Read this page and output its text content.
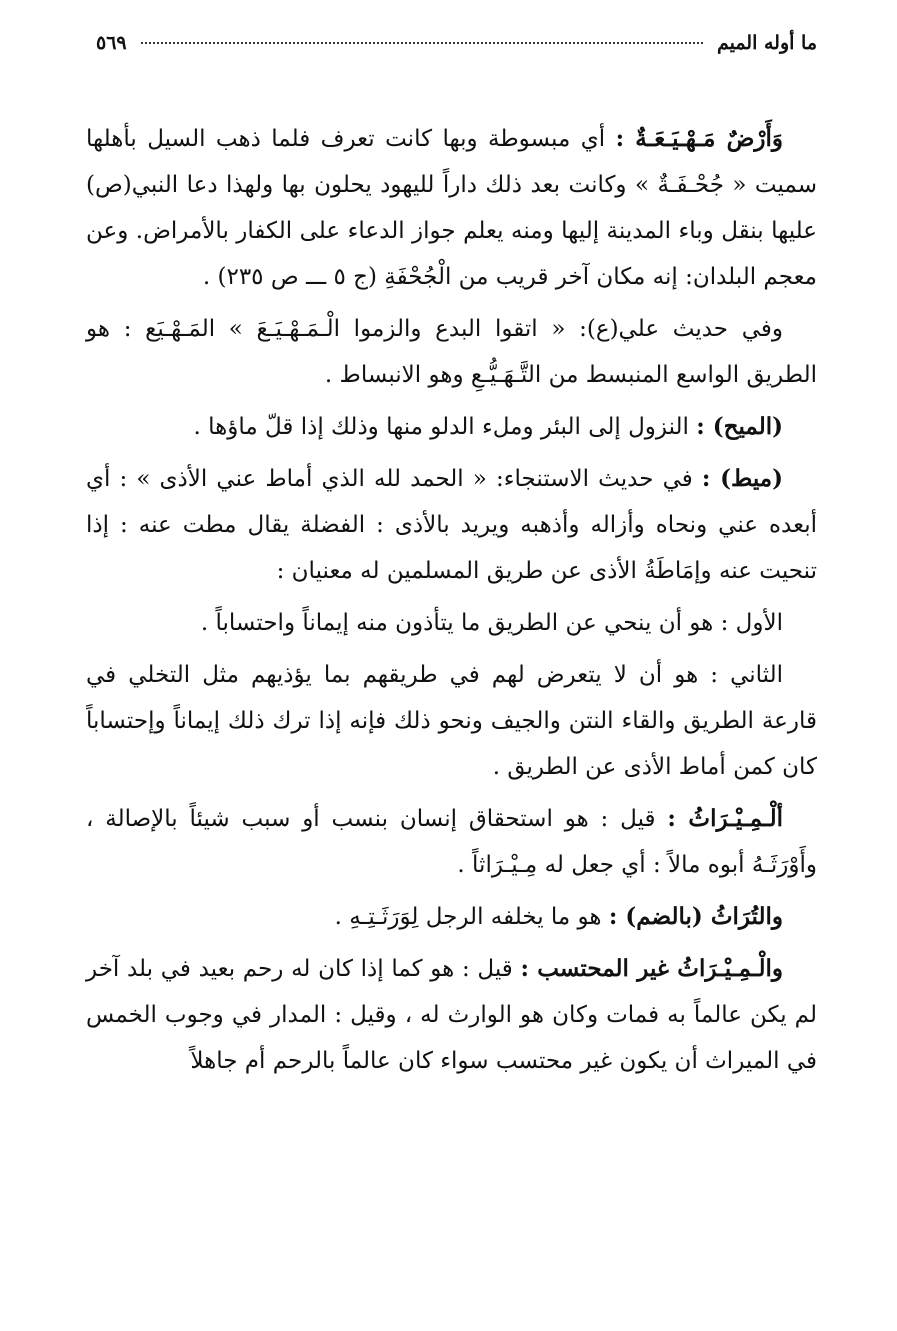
ما أوله الميم
٥٦٩

وَأَرْضٌ مَـهْـيَـعَـةٌ : أي مبسوطة وبها كانت تعرف فلما ذهب السيل بأهلها سميت « جُحْـفَـةٌ » وكانت بعد ذلك داراً لليهود يحلون بها ولهذا دعا النبي(ص) عليها بنقل وباء المدينة إليها ومنه يعلم جواز الدعاء على الكفار بالأمراض. وعن معجم البلدان: إنه مكان آخر قريب من الْجُحْفَةِ (ج ٥ ـــ ص ٢٣٥) .

وفي حديث علي(ع): « اتقوا البدع والزموا الْـمَـهْـيَـعَ » المَـهْـيَع : هو الطريق الواسع المنبسط من التَّـهَـيُّـعِ وهو الانبساط .

(الميح) : النزول إلى البئر وملء الدلو منها وذلك إذا قلّ ماؤها .

(ميط) : في حديث الاستنجاء: « الحمد لله الذي أماط عني الأذى » : أي أبعده عني ونحاه وأزاله وأذهبه ويريد بالأذى : الفضلة يقال مطت عنه : إذا تنحيت عنه وإمَاطَةُ الأذى عن طريق المسلمين له معنيان :

الأول : هو أن ينحي عن الطريق ما يتأذون منه إيماناً واحتساباً .

الثاني : هو أن لا يتعرض لهم في طريقهم بما يؤذيهم مثل التخلي في قارعة الطريق والقاء النتن والجيف ونحو ذلك فإنه إذا ترك ذلك إيماناً وإحتساباً كان كمن أماط الأذى عن الطريق .

ألْـمِـيْـرَاثُ : قيل : هو استحقاق إنسان بنسب أو سبب شيئاً بالإصالة ، وأَوْرَثَـهُ أبوه مالاً : أي جعل له مِـيْـرَاثاً .

والتُرَاثُ (بالضم) : هو ما يخلفه الرجل لِوَرَثَـتِـهِ .

والْـمِـيْـرَاثُ غير المحتسب : قيل : هو كما إذا كان له رحم بعيد في بلد آخر لم يكن عالماً به فمات وكان هو الوارث له ، وقيل : المدار في وجوب الخمس في الميراث أن يكون غير محتسب سواء كان عالماً بالرحم أم جاهلاً
